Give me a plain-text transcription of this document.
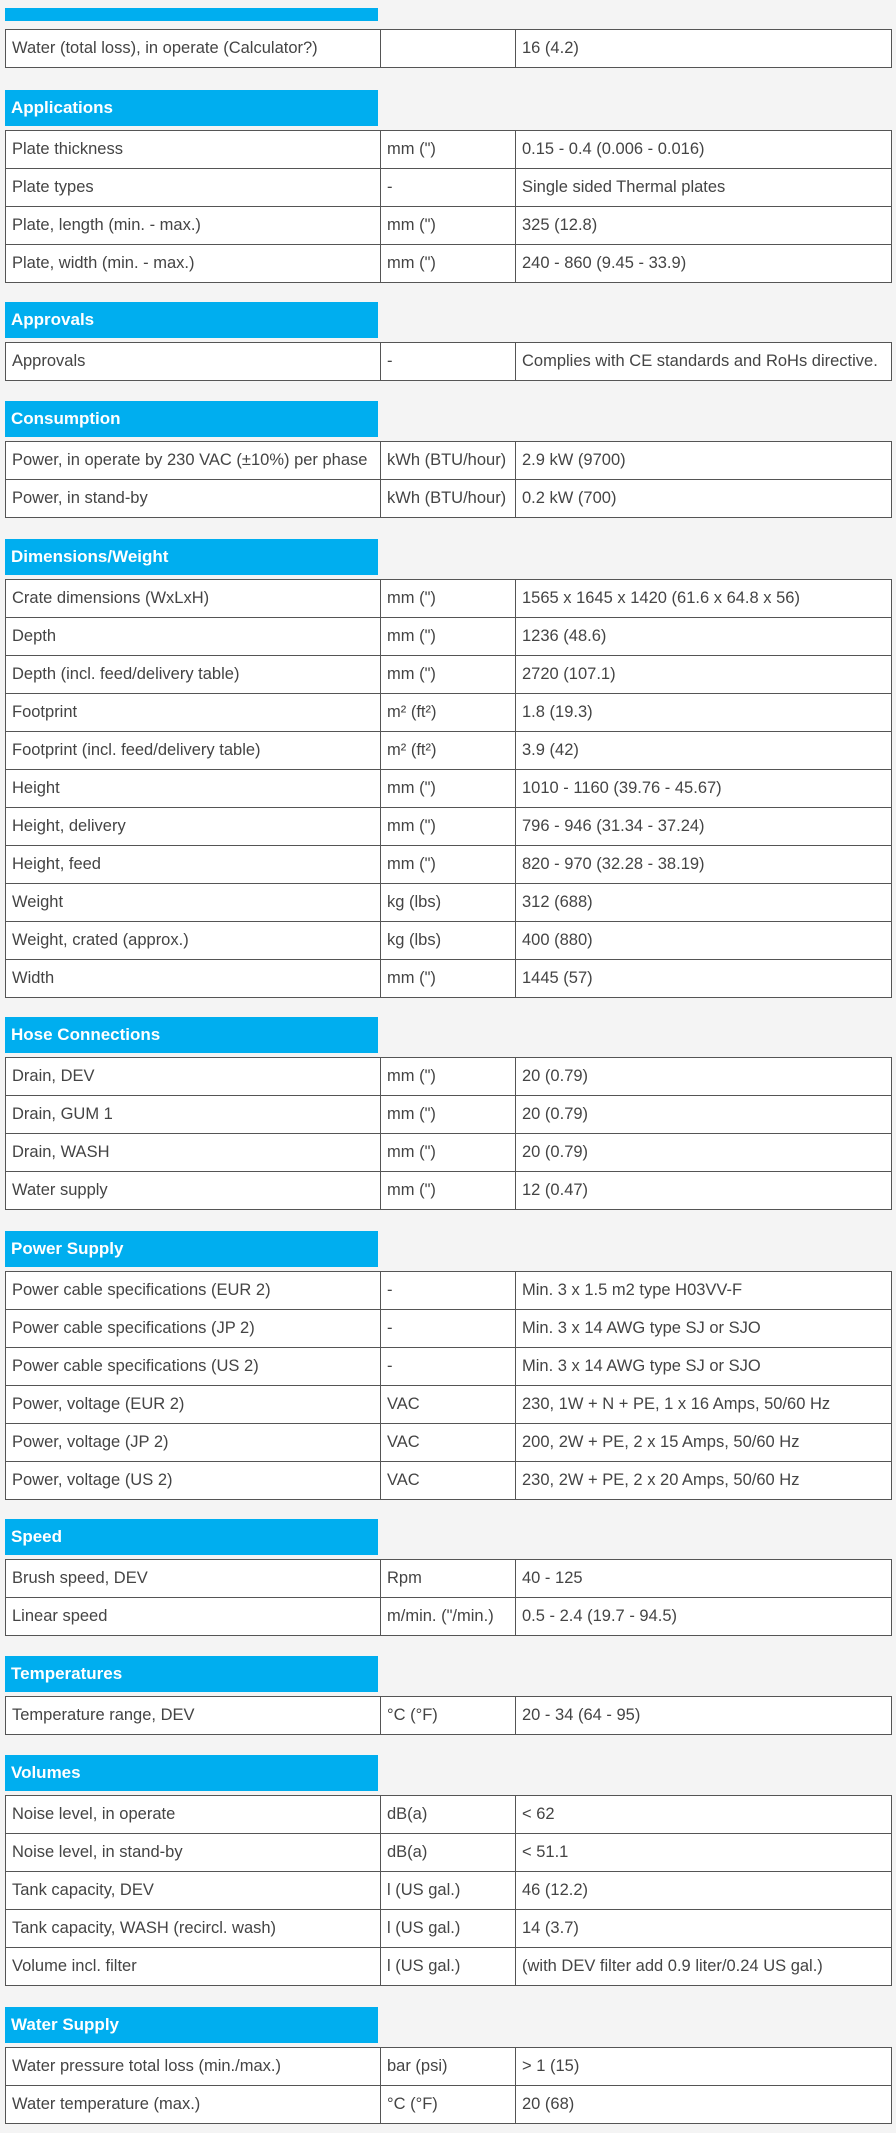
Water (total loss), in operate (Calculator?)		16 (4.2)
Applications
Plate thickness	mm (")	0.15 - 0.4 (0.006 - 0.016)
Plate types	-	Single sided Thermal plates
Plate, length (min. - max.)	mm (")	325 (12.8)
Plate, width (min. - max.)	mm (")	240 - 860 (9.45 - 33.9)
Approvals
Approvals	-	Complies with CE standards and RoHs directive.
Consumption
Power, in operate by 230 VAC (±10%) per phase	kWh (BTU/hour)	2.9 kW (9700)
Power, in stand-by	kWh (BTU/hour)	0.2 kW (700)
Dimensions/Weight
Crate dimensions (WxLxH)	mm (")	1565 x 1645 x 1420 (61.6 x 64.8 x 56)
Depth	mm (")	1236 (48.6)
Depth (incl. feed/delivery table)	mm (")	2720 (107.1)
Footprint	m² (ft²)	1.8 (19.3)
Footprint (incl. feed/delivery table)	m² (ft²)	3.9 (42)
Height	mm (")	1010 - 1160 (39.76 - 45.67)
Height, delivery	mm (")	796 - 946 (31.34 - 37.24)
Height, feed	mm (")	820 - 970 (32.28 - 38.19)
Weight	kg (lbs)	312 (688)
Weight, crated (approx.)	kg (lbs)	400 (880)
Width	mm (")	1445 (57)
Hose Connections
Drain, DEV	mm (")	20 (0.79)
Drain, GUM 1	mm (")	20 (0.79)
Drain, WASH	mm (")	20 (0.79)
Water supply	mm (")	12 (0.47)
Power Supply
Power cable specifications (EUR 2)	-	Min. 3 x 1.5 m2 type H03VV-F
Power cable specifications (JP 2)	-	Min. 3 x 14 AWG type SJ or SJO
Power cable specifications (US 2)	-	Min. 3 x 14 AWG type SJ or SJO
Power, voltage (EUR 2)	VAC	230, 1W + N + PE, 1 x 16 Amps, 50/60 Hz
Power, voltage (JP 2)	VAC	200, 2W + PE, 2 x 15 Amps, 50/60 Hz
Power, voltage (US 2)	VAC	230, 2W + PE, 2 x 20 Amps, 50/60 Hz
Speed
Brush speed, DEV	Rpm	40 - 125
Linear speed	m/min. ("/min.)	0.5 - 2.4 (19.7 - 94.5)
Temperatures
Temperature range, DEV	°C (°F)	20 - 34 (64 - 95)
Volumes
Noise level, in operate	dB(a)	< 62
Noise level, in stand-by	dB(a)	< 51.1
Tank capacity, DEV	l (US gal.)	46 (12.2)
Tank capacity, WASH (recircl. wash)	l (US gal.)	14 (3.7)
Volume incl. filter	l (US gal.)	(with DEV filter add 0.9 liter/0.24 US gal.)
Water Supply
Water pressure total loss (min./max.)	bar (psi)	> 1 (15)
Water temperature (max.)	°C (°F)	20 (68)
